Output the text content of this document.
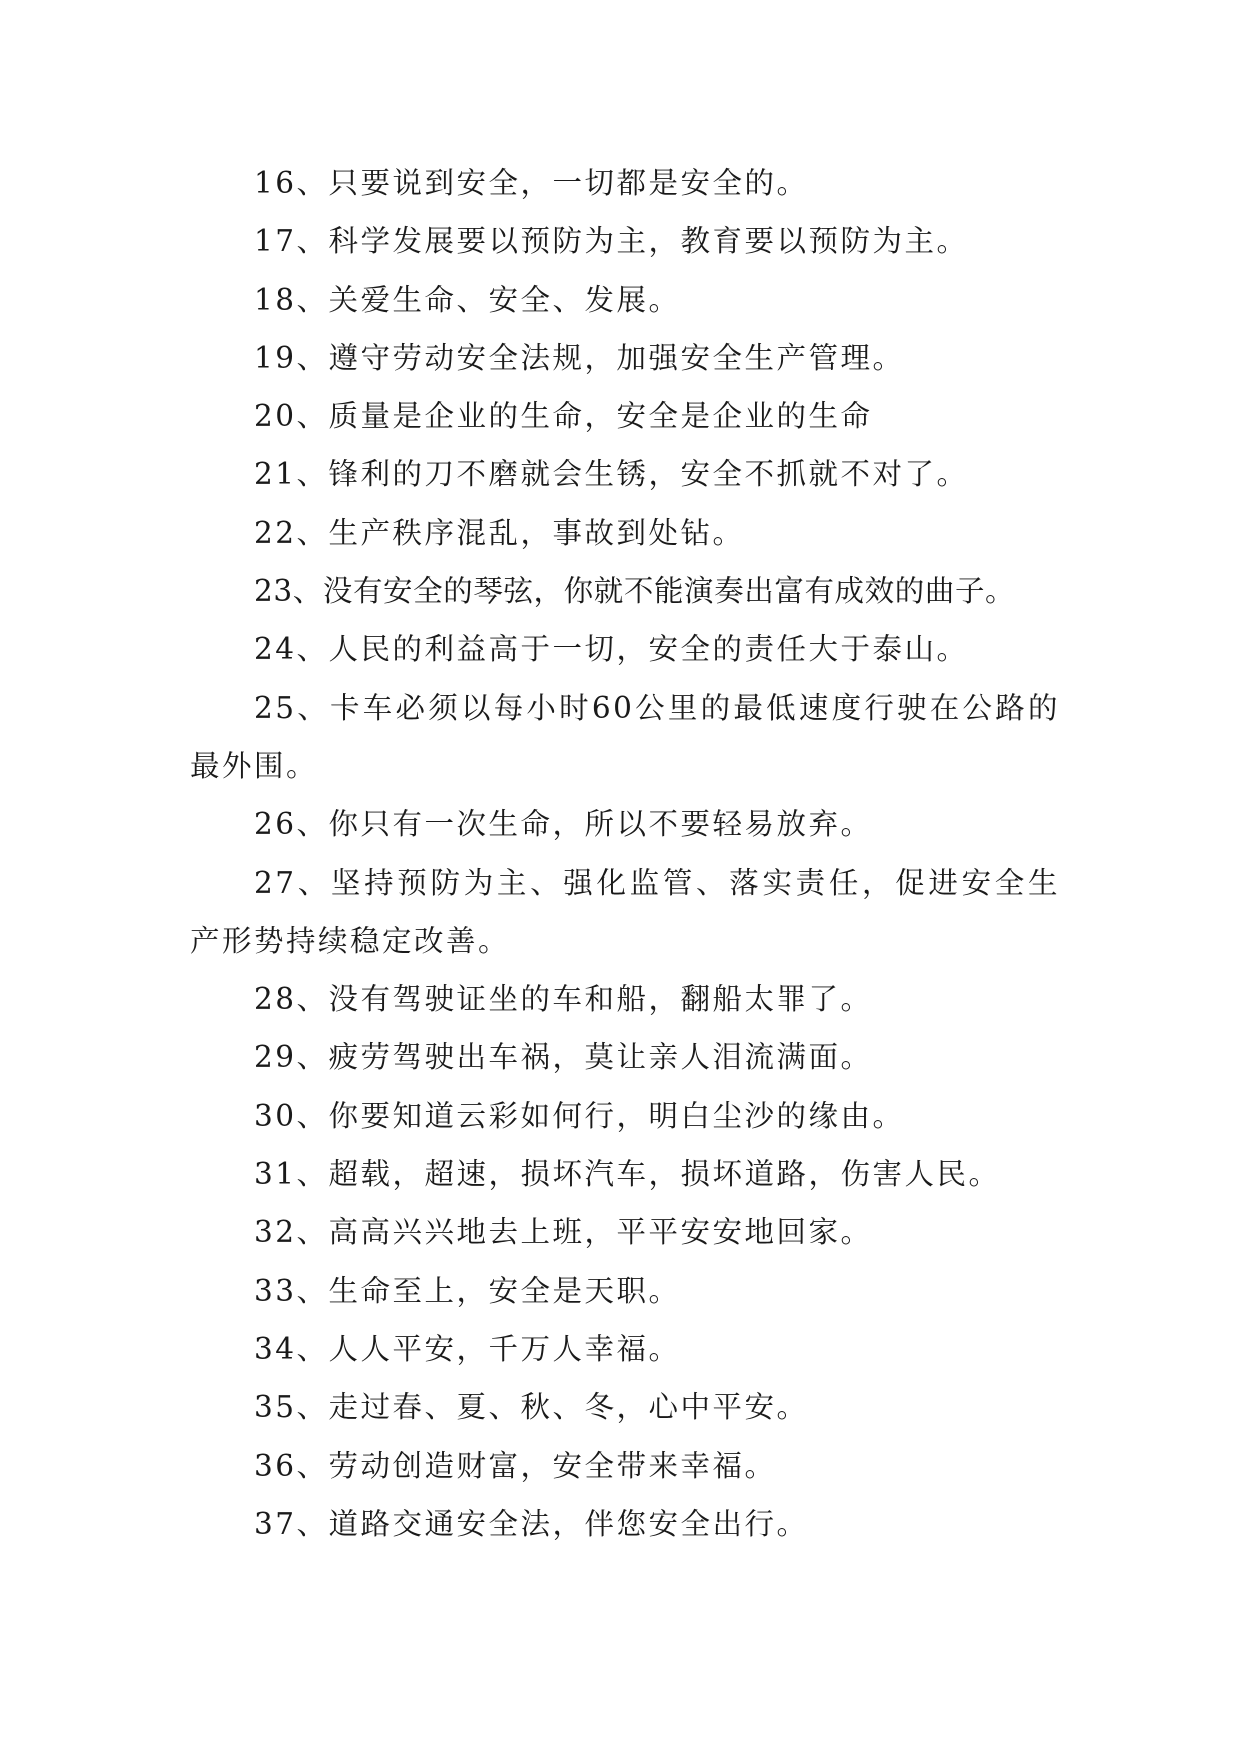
16、只要说到安全，一切都是安全的。

17、科学发展要以预防为主，教育要以预防为主。

18、关爱生命、安全、发展。

19、遵守劳动安全法规，加强安全生产管理。

20、质量是企业的生命，安全是企业的生命

21、锋利的刀不磨就会生锈，安全不抓就不对了。

22、生产秩序混乱，事故到处钻。

23、没有安全的琴弦，你就不能演奏出富有成效的曲子。

24、人民的利益高于一切，安全的责任大于泰山。

25、卡车必须以每小时60公里的最低速度行驶在公路的最外围。

26、你只有一次生命，所以不要轻易放弃。

27、坚持预防为主、强化监管、落实责任，促进安全生产形势持续稳定改善。

28、没有驾驶证坐的车和船，翻船太罪了。

29、疲劳驾驶出车祸，莫让亲人泪流满面。

30、你要知道云彩如何行，明白尘沙的缘由。

31、超载，超速，损坏汽车，损坏道路，伤害人民。

32、高高兴兴地去上班，平平安安地回家。

33、生命至上，安全是天职。

34、人人平安，千万人幸福。

35、走过春、夏、秋、冬，心中平安。

36、劳动创造财富，安全带来幸福。

37、道路交通安全法，伴您安全出行。
